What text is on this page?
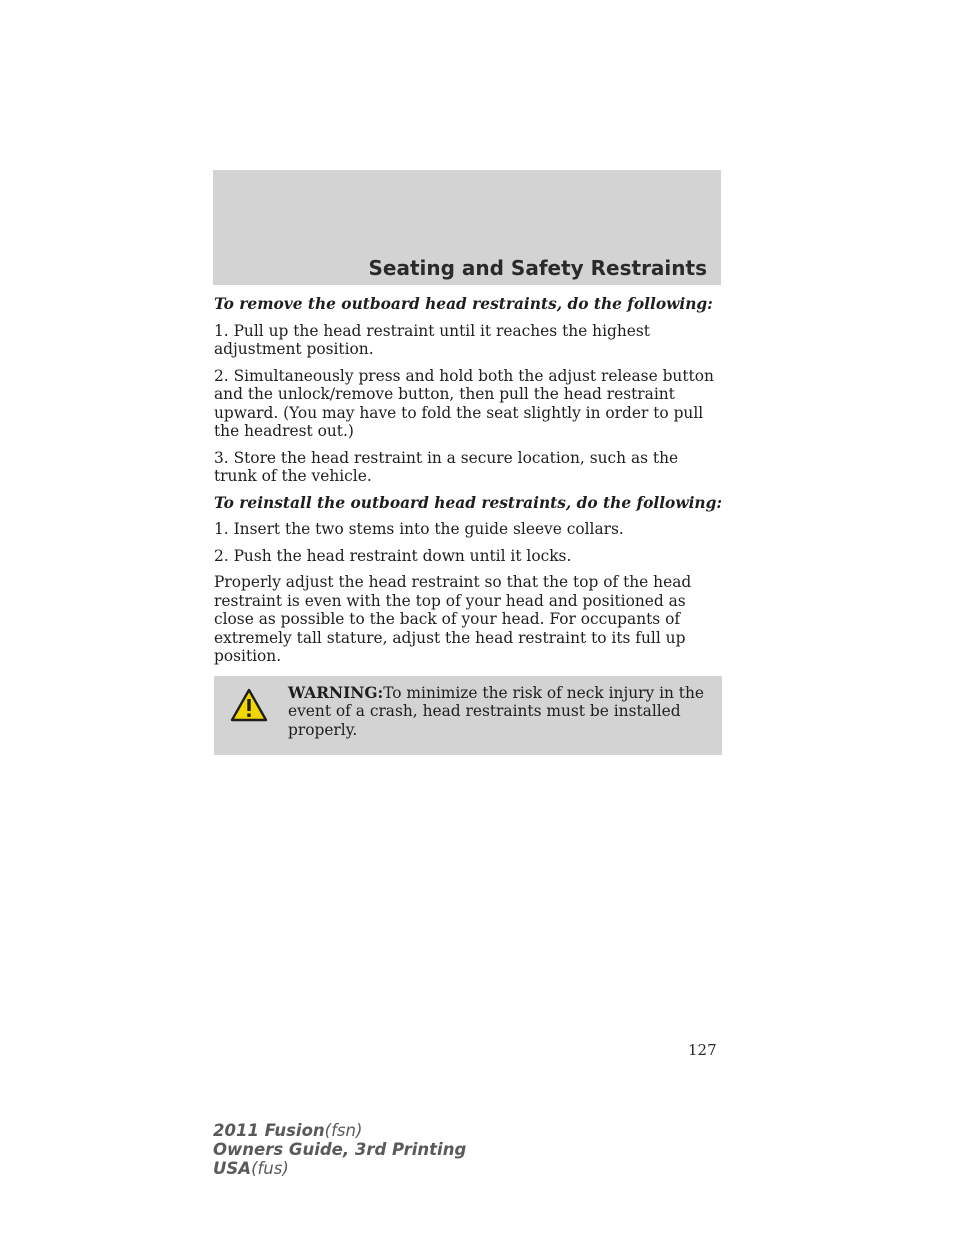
Seating and Safety Restraints

To remove the outboard head restraints, do the following:

1. Pull up the head restraint until it reaches the highest adjustment position.

2. Simultaneously press and hold both the adjust release button and the unlock/remove button, then pull the head restraint upward. (You may have to fold the seat slightly in order to pull the headrest out.)

3. Store the head restraint in a secure location, such as the trunk of the vehicle.

To reinstall the outboard head restraints, do the following:

1. Insert the two stems into the guide sleeve collars.

2. Push the head restraint down until it locks.

Properly adjust the head restraint so that the top of the head restraint is even with the top of your head and positioned as close as possible to the back of your head. For occupants of extremely tall stature, adjust the head restraint to its full up position.

WARNING:To minimize the risk of neck injury in the event of a crash, head restraints must be installed properly.

127
2011 Fusion(fsn)
Owners Guide, 3rd Printing
USA(fus)
